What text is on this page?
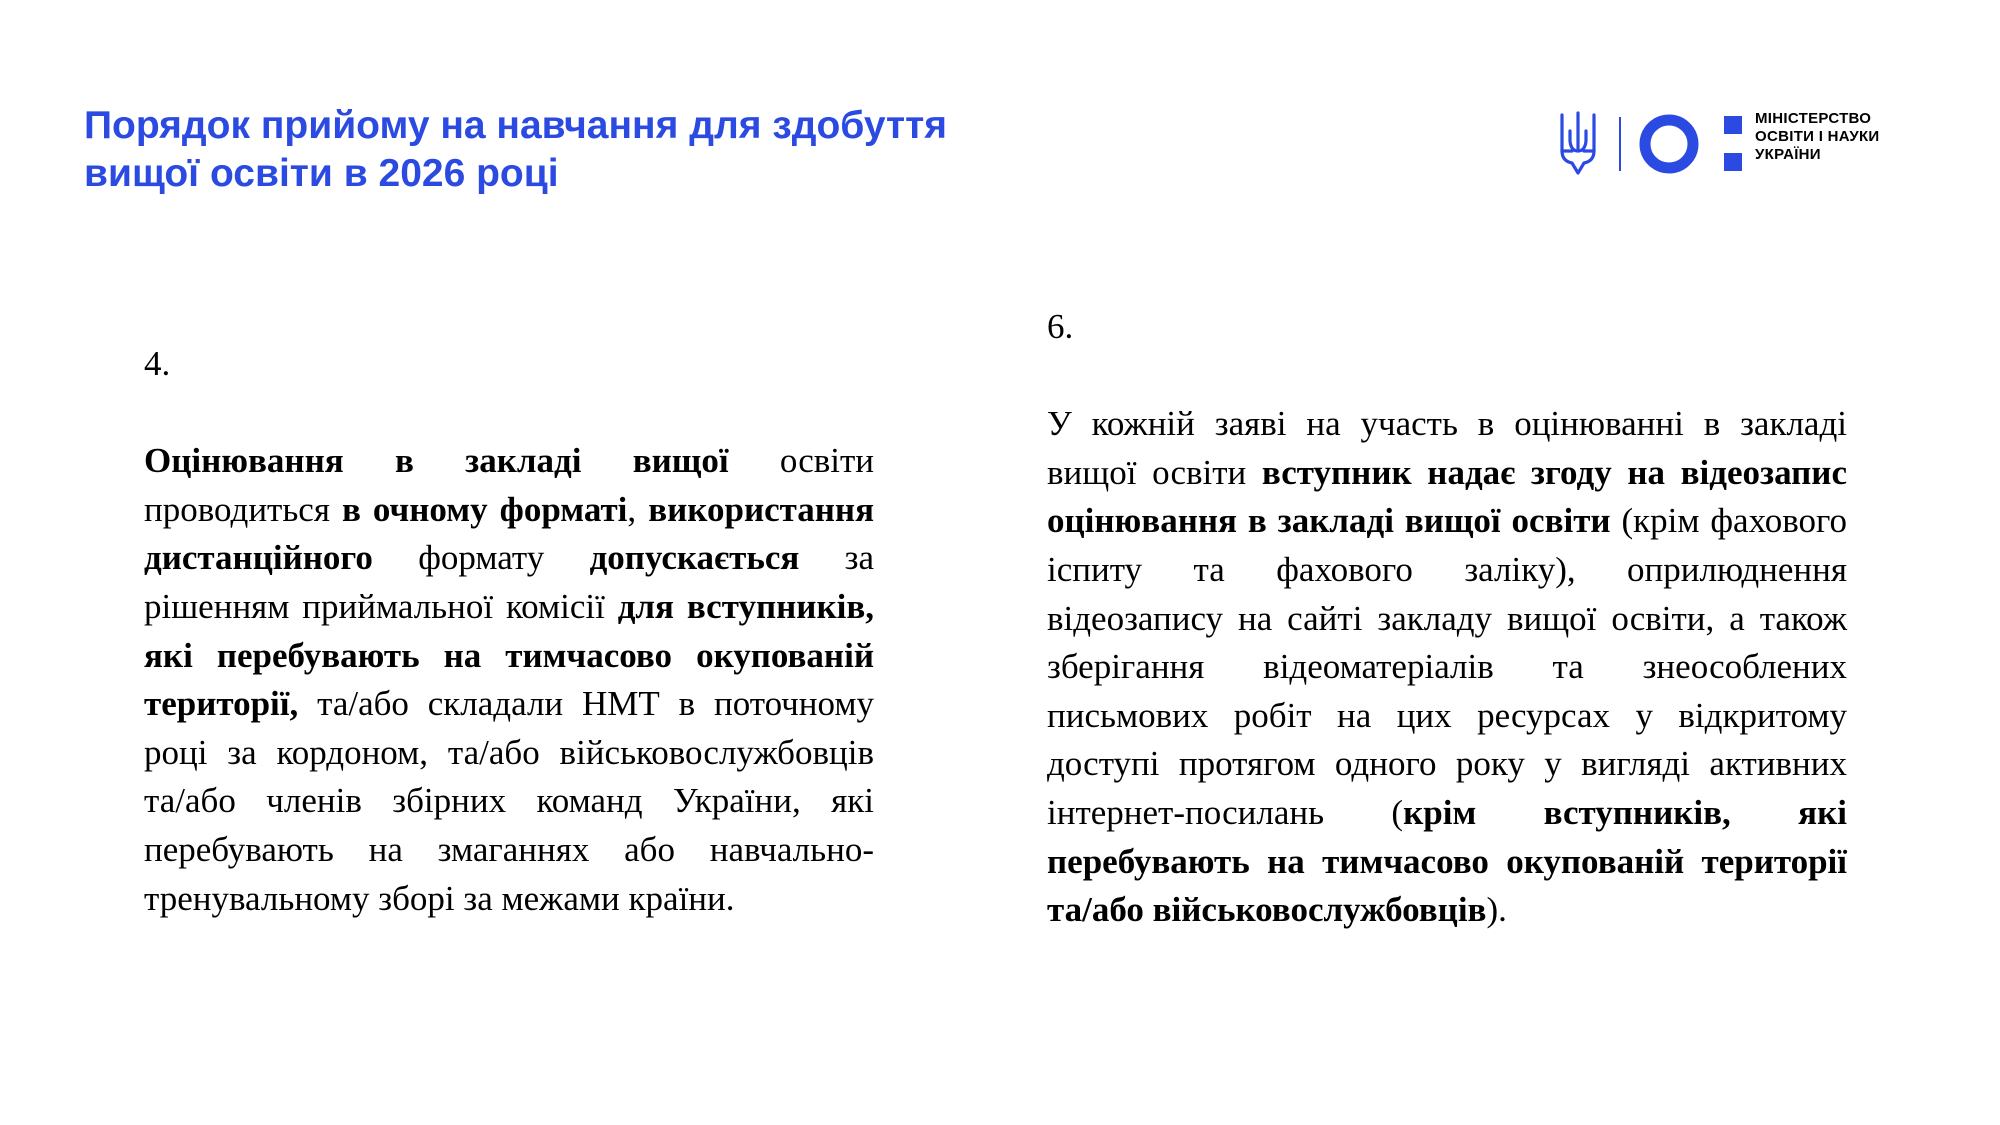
Порядок прийому на навчання для здобуття вищої освіти в 2026 році
МІНІСТЕРСТВО
ОСВІТИ І НАУКИ
УКРАЇНИ
4.

Оцінювання в закладі вищої освіти проводиться в очному форматі, використання дистанційного формату допускається за рішенням приймальної комісії для вступників, які перебувають на тимчасово окупованій території, та/або складали НМТ в поточному році за кордоном, та/або військовослужбовців та/або членів збірних команд України, які перебувають на змаганнях або навчально-тренувальному зборі за межами країни.

6.

У кожній заяві на участь в оцінюванні в закладі вищої освіти вступник надає згоду на відеозапис оцінювання в закладі вищої освіти (крім фахового іспиту та фахового заліку), оприлюднення відеозапису на сайті закладу вищої освіти, а також зберігання відеоматеріалів та знеособлених письмових робіт на цих ресурсах у відкритому доступі протягом одного року у вигляді активних інтернет-посилань (крім вступників, які перебувають на тимчасово окупованій території та/або військовослужбовців).
